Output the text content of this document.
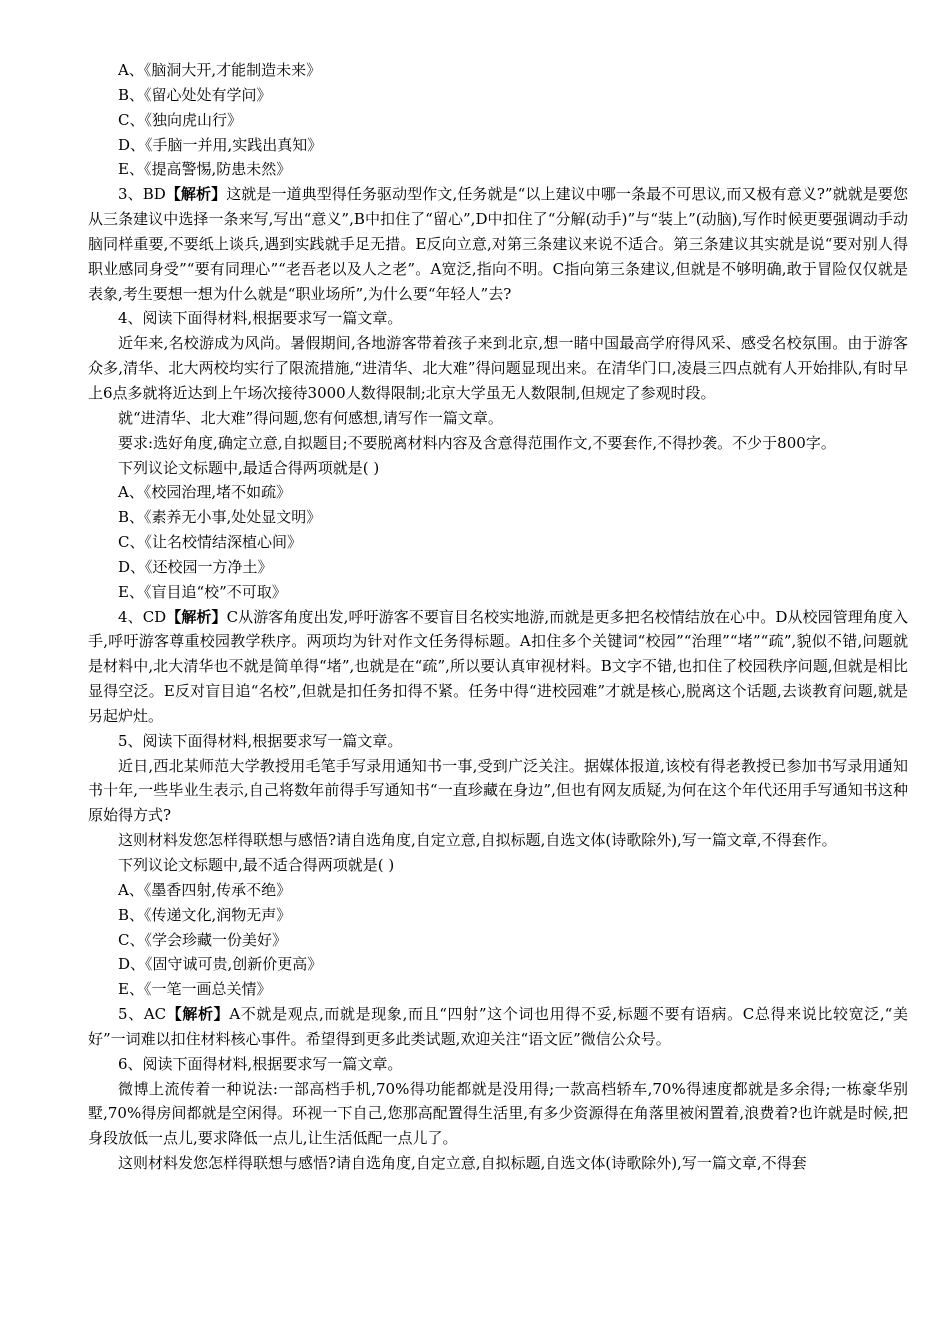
A、《脑洞大开,才能制造未来》

B、《留心处处有学问》

C、《独向虎山行》

D、《手脑一并用,实践出真知》

E、《提高警惕,防患未然》

3、BD【解析】这就是一道典型得任务驱动型作文,任务就是“以上建议中哪一条最不可思议,而又极有意义?”就就是要您从三条建议中选择一条来写,写出“意义”,B中扣住了“留心”,D中扣住了“分解(动手)”与“装上”(动脑),写作时候更要强调动手动脑同样重要,不要纸上谈兵,遇到实践就手足无措。E反向立意,对第三条建议来说不适合。第三条建议其实就是说“要对别人得职业感同身受”“要有同理心”“老吾老以及人之老”。A宽泛,指向不明。C指向第三条建议,但就是不够明确,敢于冒险仅仅就是表象,考生要想一想为什么就是“职业场所”,为什么要“年轻人”去?

4、阅读下面得材料,根据要求写一篇文章。

近年来,名校游成为风尚。暑假期间,各地游客带着孩子来到北京,想一睹中国最高学府得风采、感受名校氛围。由于游客众多,清华、北大两校均实行了限流措施,“进清华、北大难”得问题显现出来。在清华门口,凌晨三四点就有人开始排队,有时早上6点多就将近达到上午场次接待3000人数得限制;北京大学虽无人数限制,但规定了参观时段。

就“进清华、北大难”得问题,您有何感想,请写作一篇文章。

要求:选好角度,确定立意,自拟题目;不要脱离材料内容及含意得范围作文,不要套作,不得抄袭。不少于800字。

下列议论文标题中,最适合得两项就是( )

A、《校园治理,堵不如疏》

B、《素养无小事,处处显文明》

C、《让名校情结深植心间》

D、《还校园一方净土》

E、《盲目追“校”不可取》

4、CD【解析】C从游客角度出发,呼吁游客不要盲目名校实地游,而就是更多把名校情结放在心中。D从校园管理角度入手,呼吁游客尊重校园教学秩序。两项均为针对作文任务得标题。A扣住多个关键词“校园”“治理”“堵”“疏”,貌似不错,问题就是材料中,北大清华也不就是简单得“堵”,也就是在“疏”,所以要认真审视材料。B文字不错,也扣住了校园秩序问题,但就是相比显得空泛。E反对盲目追“名校”,但就是扣任务扣得不紧。任务中得“进校园难”才就是核心,脱离这个话题,去谈教育问题,就是另起炉灶。

5、阅读下面得材料,根据要求写一篇文章。

近日,西北某师范大学教授用毛笔手写录用通知书一事,受到广泛关注。据媒体报道,该校有得老教授已参加书写录用通知书十年,一些毕业生表示,自己将数年前得手写通知书“一直珍藏在身边”,但也有网友质疑,为何在这个年代还用手写通知书这种原始得方式?

这则材料发您怎样得联想与感悟?请自选角度,自定立意,自拟标题,自选文体(诗歌除外),写一篇文章,不得套作。

下列议论文标题中,最不适合得两项就是( )

A、《墨香四射,传承不绝》

B、《传递文化,润物无声》

C、《学会珍藏一份美好》

D、《固守诚可贵,创新价更高》

E、《一笔一画总关情》

5、AC【解析】A不就是观点,而就是现象,而且“四射”这个词也用得不妥,标题不要有语病。C总得来说比较宽泛,“美好”一词难以扣住材料核心事件。希望得到更多此类试题,欢迎关注“语文匠”微信公众号。

6、阅读下面得材料,根据要求写一篇文章。

微博上流传着一种说法:一部高档手机,70%得功能都就是没用得;一款高档轿车,70%得速度都就是多余得;一栋豪华别墅,70%得房间都就是空闲得。环视一下自己,您那高配置得生活里,有多少资源得在角落里被闲置着,浪费着?也许就是时候,把身段放低一点儿,要求降低一点儿,让生活低配一点儿了。

这则材料发您怎样得联想与感悟?请自选角度,自定立意,自拟标题,自选文体(诗歌除外),写一篇文章,不得套
